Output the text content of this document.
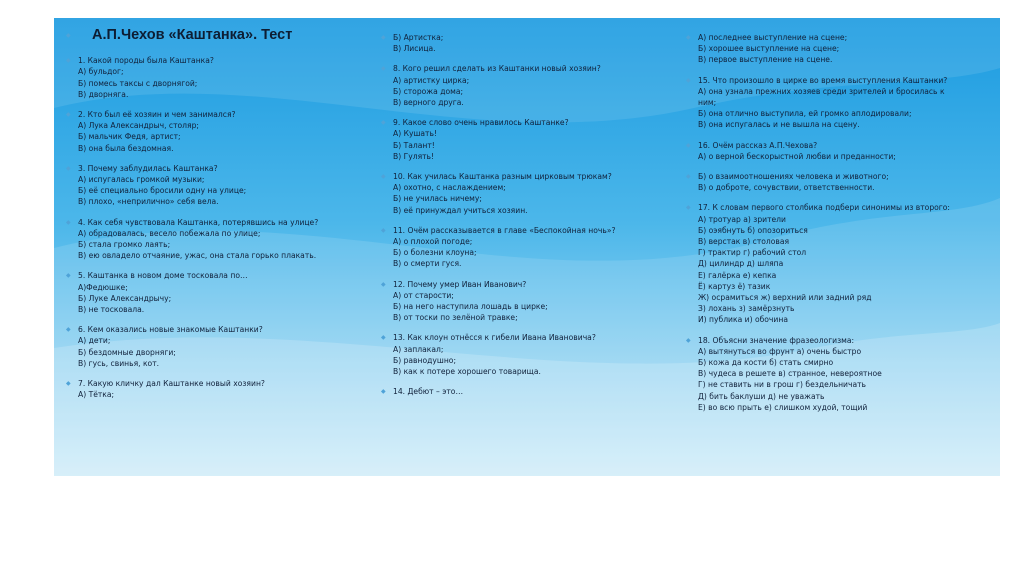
◆	А.П.Чехов «Каштанка». Тест
◆ 1. Какой породы была Каштанка?
А) бульдог;
Б) помесь таксы с дворнягой;
В) дворняга.
◆ 2. Кто был её хозяин и чем занимался?
А) Лука Александрыч, столяр;
Б) мальчик Федя, артист;
В) она была бездомная.
◆ 3. Почему заблудилась Каштанка?
А) испугалась громкой музыки;
Б) её специально бросили одну на улице;
В) плохо, «неприлично» себя вела.
◆ 4. Как себя чувствовала Каштанка, потерявшись на улице?
А) обрадовалась, весело побежала по улице;
Б) стала громко лаять;
В) ею овладело отчаяние, ужас, она стала горько плакать.
◆ 5. Каштанка в новом доме тосковала по…
А)Федюшке;
Б) Луке Александрычу;
В) не тосковала.
◆ 6. Кем оказались новые знакомые Каштанки?
А) дети;
Б) бездомные дворняги;
В) гусь, свинья, кот.
◆ 7. Какую кличку дал Каштанке новый хозяин?
А) Тётка;
◆ Б) Артистка;
В) Лисица.
◆ 8. Кого решил сделать из Каштанки новый хозяин?
А) артистку цирка;
Б) сторожа дома;
В) верного друга.
◆ 9. Какое слово очень нравилось Каштанке?
А) Кушать!
Б) Талант!
В) Гулять!
◆ 10. Как училась Каштанка разным цирковым трюкам?
А) охотно, с наслаждением;
Б) не училась ничему;
В) её принуждал учиться хозяин.
◆ 11. Очём рассказывается в главе «Беспокойная ночь»?
А) о плохой погоде;
Б) о болезни клоуна;
В) о смерти гуся.
◆ 12. Почему умер Иван Иванович?
А) от старости;
Б) на него наступила лошадь в цирке;
В) от тоски по зелёной травке;
◆ 13. Как клоун отнёсся к гибели Ивана Ивановича?
А) заплакал;
Б) равнодушно;
В) как к потере хорошего товарища.
◆ 14. Дебют – это…
◆ А) последнее выступление на сцене;
Б) хорошее выступление на сцене;
В) первое выступление на сцене.
◆ 15. Что произошло в цирке во время выступления Каштанки?
А) она узнала прежних хозяев среди зрителей и бросилась к ним;
Б) она отлично выступила, ей громко аплодировали;
В) она испугалась и не вышла на сцену.
◆ 16. Очём рассказ А.П.Чехова?
А) о верной бескорыстной любви и преданности;
◆ Б) о взаимоотношениях человека и животного;
В) о доброте, сочувствии, ответственности.
◆ 17. К словам первого столбика подбери синонимы из второго:
А) тротуар а) зрители
Б) оэябнуть б) опозориться
В) верстак в) столовая
Г) трактир г) рабочий стол
Д) цилиндр д) шляпа
Е) галёрка е) кепка
Ё) картуз ё) тазик
Ж) осрамиться ж) верхний или задний ряд
З) лохань з) замёрзнуть
И) публика и) обочина
◆ 18. Объясни значение фразеологизма:
А) вытянуться во фрунт а) очень быстро
Б) кожа да кости б) стать смирно
В) чудеса в решете в) странное, невероятное
Г) не ставить ни в грош г) бездельничать
Д) бить баклуши д) не уважать
Е) во всю прыть е) слишком худой, тощий
